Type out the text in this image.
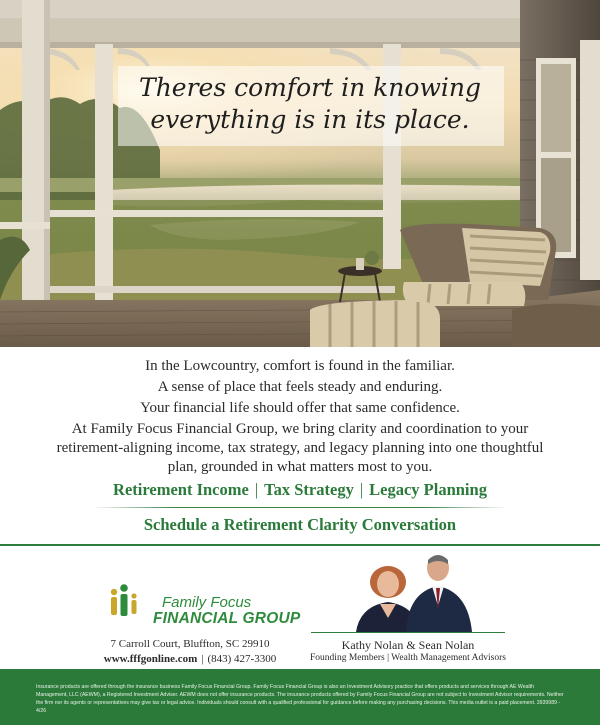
Theres comfort in knowing
everything is in its place.

In the Lowcountry, comfort is found in the familiar.

A sense of place that feels steady and enduring.

Your financial life should offer that same confidence.

At Family Focus Financial Group, we bring clarity and coordination to your retirement-aligning income, tax strategy, and legacy planning into one thoughtful plan, grounded in what matters most to you.

Retirement Income | Tax Strategy | Legacy Planning
Schedule a Retirement Clarity Conversation
Family Focus
FINANCIAL GROUP
7 Carroll Court, Bluffton, SC 29910
www.fffgonline.com | (843) 427-3300
Kathy Nolan & Sean Nolan
Founding Members | Wealth Management Advisors

Insurance products are offered through the insurance business Family Focus Financial Group. Family Focus Financial Group is also an Investment Advisory practice that offers products and services through AE Wealth Management, LLC (AEWM), a Registered Investment Adviser. AEWM does not offer insurance products. The insurance products offered by Family Focus Financial Group are not subject to Investment Advisor requirements. Neither the firm nor its agents or representatives may give tax or legal advice. Individuals should consult with a qualified professional for guidance before making any purchasing decisions. This media outlet is a paid placement. 3939989 - 4/26
